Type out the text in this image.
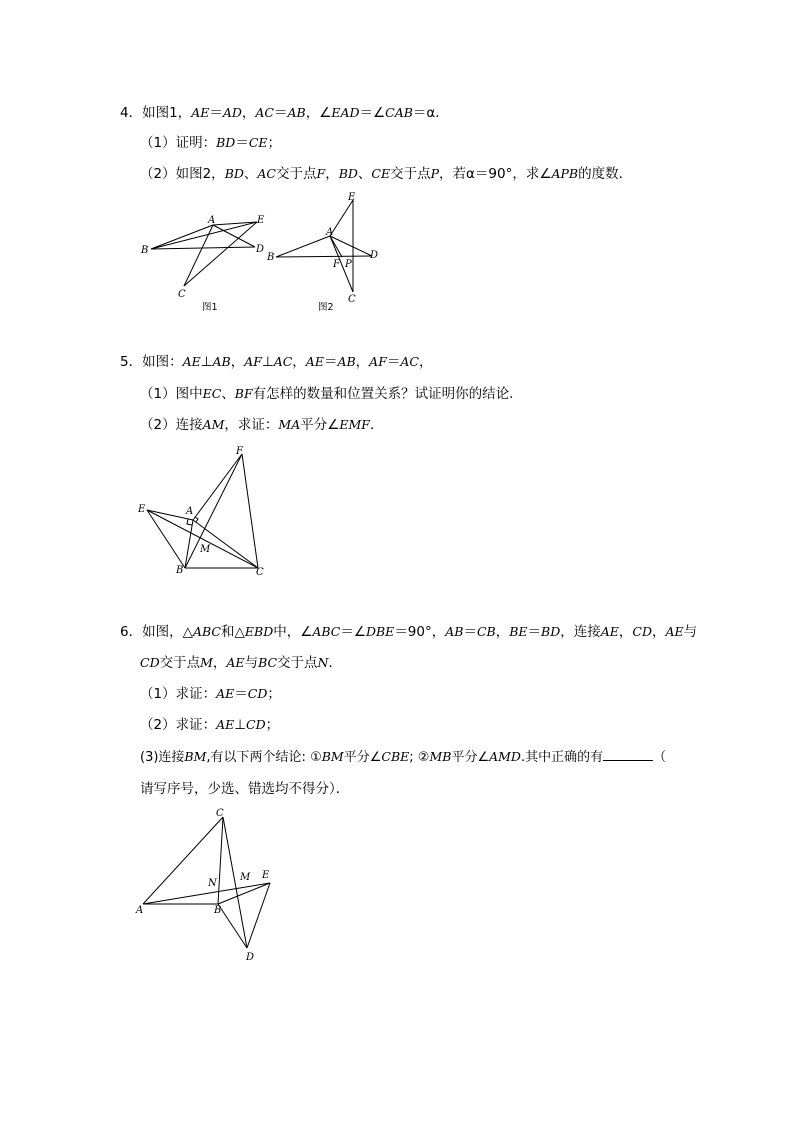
4．如图1，AE＝AD，AC＝AB，∠EAD＝∠CAB＝α．
（1）证明：BD＝CE；
（2）如图2，BD、AC交于点F，BD、CE交于点P，若α＝90°，求∠APB的度数．
A	E
B	D
C
图1
E
A
B
F P
D
C
图2
5．如图：AE⊥AB，AF⊥AC，AE＝AB，AF＝AC，
（1）图中EC、BF有怎样的数量和位置关系？试证明你的结论．
（2）连接AM，求证：MA平分∠EMF．
F
E	A
M
B	C
6．如图，△ABC和△EBD中，∠ABC＝∠DBE＝90°，AB＝CB，BE＝BD，连接AE，CD，AE与
CD交于点M，AE与BC交于点N．
（1）求证：AE＝CD；
（2）求证：AE⊥CD；
(3)连接BM,有以下两个结论: ①BM平分∠CBE; ②MB平分∠AMD.其中正确的有	（
请写序号，少选、错选均不得分）．
C
N
M E
A	B
D
